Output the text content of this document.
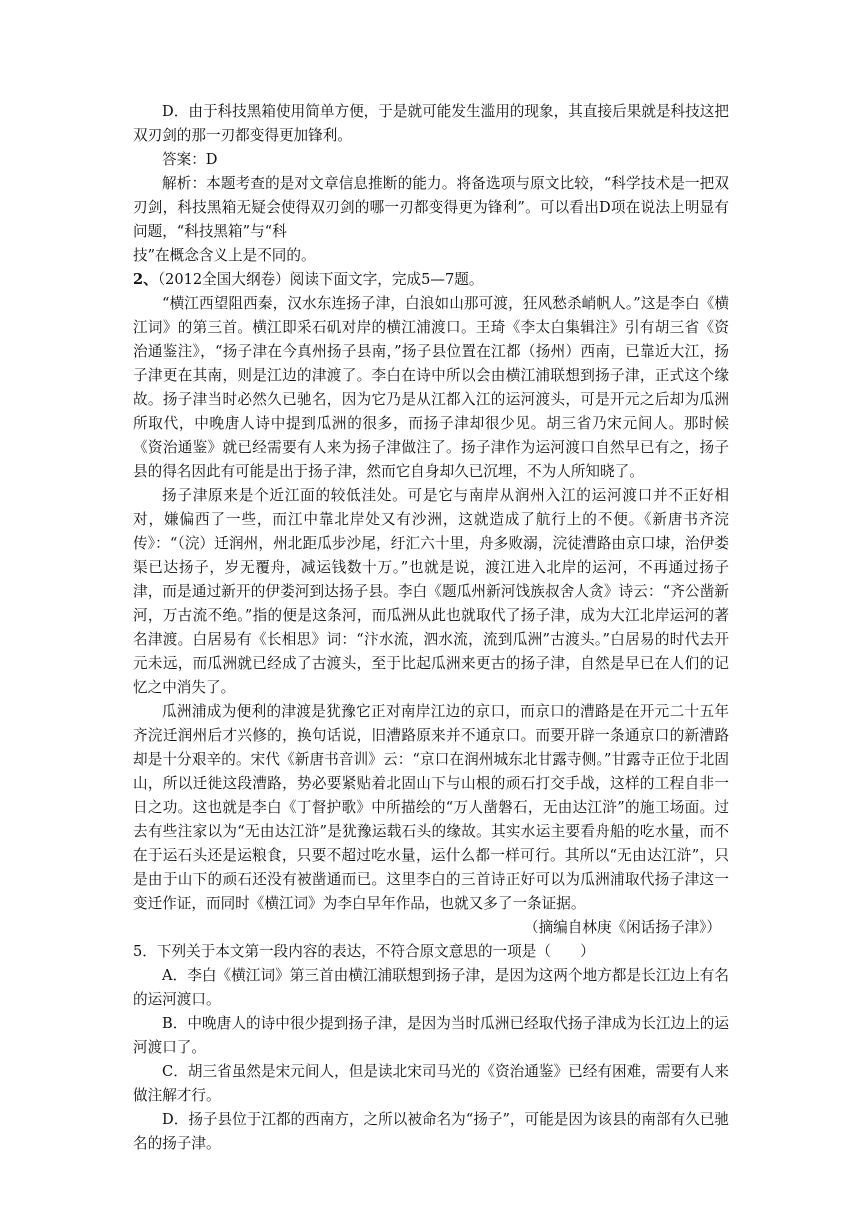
D．由于科技黑箱使用简单方便，于是就可能发生滥用的现象，其直接后果就是科技这把双刃剑的那一刃都变得更加锋利。

答案：D

解析：本题考查的是对文章信息推断的能力。将备选项与原文比较，“科学技术是一把双刃剑，科技黑箱无疑会使得双刃剑的哪一刃都变得更为锋利”。可以看出D项在说法上明显有问题，“科技黑箱”与“科

技”在概念含义上是不同的。

2、（2012全国大纲卷）阅读下面文字，完成5—7题。

“横江西望阻西秦，汉水东连扬子津，白浪如山那可渡，狂风愁杀峭帆人。”这是李白《横江词》的第三首。横江即采石矶对岸的横江浦渡口。王琦《李太白集辑注》引有胡三省《资治通鉴注》，“扬子津在今真州扬子县南，”扬子县位置在江都（扬州）西南，已靠近大江，扬子津更在其南，则是江边的津渡了。李白在诗中所以会由横江浦联想到扬子津，正式这个缘故。扬子津当时必然久已驰名，因为它乃是从江都入江的运河渡头，可是开元之后却为瓜洲所取代，中晚唐人诗中提到瓜洲的很多，而扬子津却很少见。胡三省乃宋元间人。那时候《资治通鉴》就已经需要有人来为扬子津做注了。扬子津作为运河渡口自然早已有之，扬子县的得名因此有可能是出于扬子津，然而它自身却久已沉埋，不为人所知晓了。

扬子津原来是个近江面的较低洼处。可是它与南岸从润州入江的运河渡口并不正好相对，嫌偏西了一些，而江中靠北岸处又有沙洲，这就造成了航行上的不便。《新唐书齐浣传》：“（浣）迁润州，州北距瓜步沙尾，纡汇六十里，舟多败溺，浣徒漕路由京口埭，治伊娄渠已达扬子，岁无覆舟，减运钱数十万。”也就是说，渡江进入北岸的运河，不再通过扬子津，而是通过新开的伊娄河到达扬子县。李白《题瓜州新河饯族叔舍人贪》诗云：“齐公凿新河，万古流不绝。”指的便是这条河，而瓜洲从此也就取代了扬子津，成为大江北岸运河的著名津渡。白居易有《长相思》词：“汴水流，泗水流，流到瓜洲”古渡头。”白居易的时代去开元未远，而瓜洲就已经成了古渡头，至于比起瓜洲来更古的扬子津，自然是早已在人们的记忆之中消失了。

瓜洲浦成为便利的津渡是犹豫它正对南岸江边的京口，而京口的漕路是在开元二十五年齐浣迁润州后才兴修的，换句话说，旧漕路原来并不通京口。而要开辟一条通京口的新漕路却是十分艰辛的。宋代《新唐书音训》云：“京口在润州城东北甘露寺侧。”甘露寺正位于北固山，所以迁徙这段漕路，势必要紧贴着北固山下与山根的顽石打交手战，这样的工程自非一日之功。这也就是李白《丁督护歌》中所描绘的“万人凿磐石，无由达江浒”的施工场面。过去有些注家以为“无由达江浒”是犹豫运载石头的缘故。其实水运主要看舟船的吃水量，而不在于运石头还是运粮食，只要不超过吃水量，运什么都一样可行。其所以“无由达江浒”，只是由于山下的顽石还没有被凿通而已。这里李白的三首诗正好可以为瓜洲浦取代扬子津这一变迁作证，而同时《横江词》为李白早年作品，也就又多了一条证据。

（摘编自林庚《闲话扬子津》）

5．下列关于本文第一段内容的表达，不符合原文意思的一项是（　　）

A．李白《横江词》第三首由横江浦联想到扬子津，是因为这两个地方都是长江边上有名的运河渡口。

B．中晚唐人的诗中很少提到扬子津，是因为当时瓜洲已经取代扬子津成为长江边上的运河渡口了。

C．胡三省虽然是宋元间人，但是读北宋司马光的《资治通鉴》已经有困难，需要有人来做注解才行。

D．扬子县位于江都的西南方，之所以被命名为“扬子”，可能是因为该县的南部有久已驰名的扬子津。
